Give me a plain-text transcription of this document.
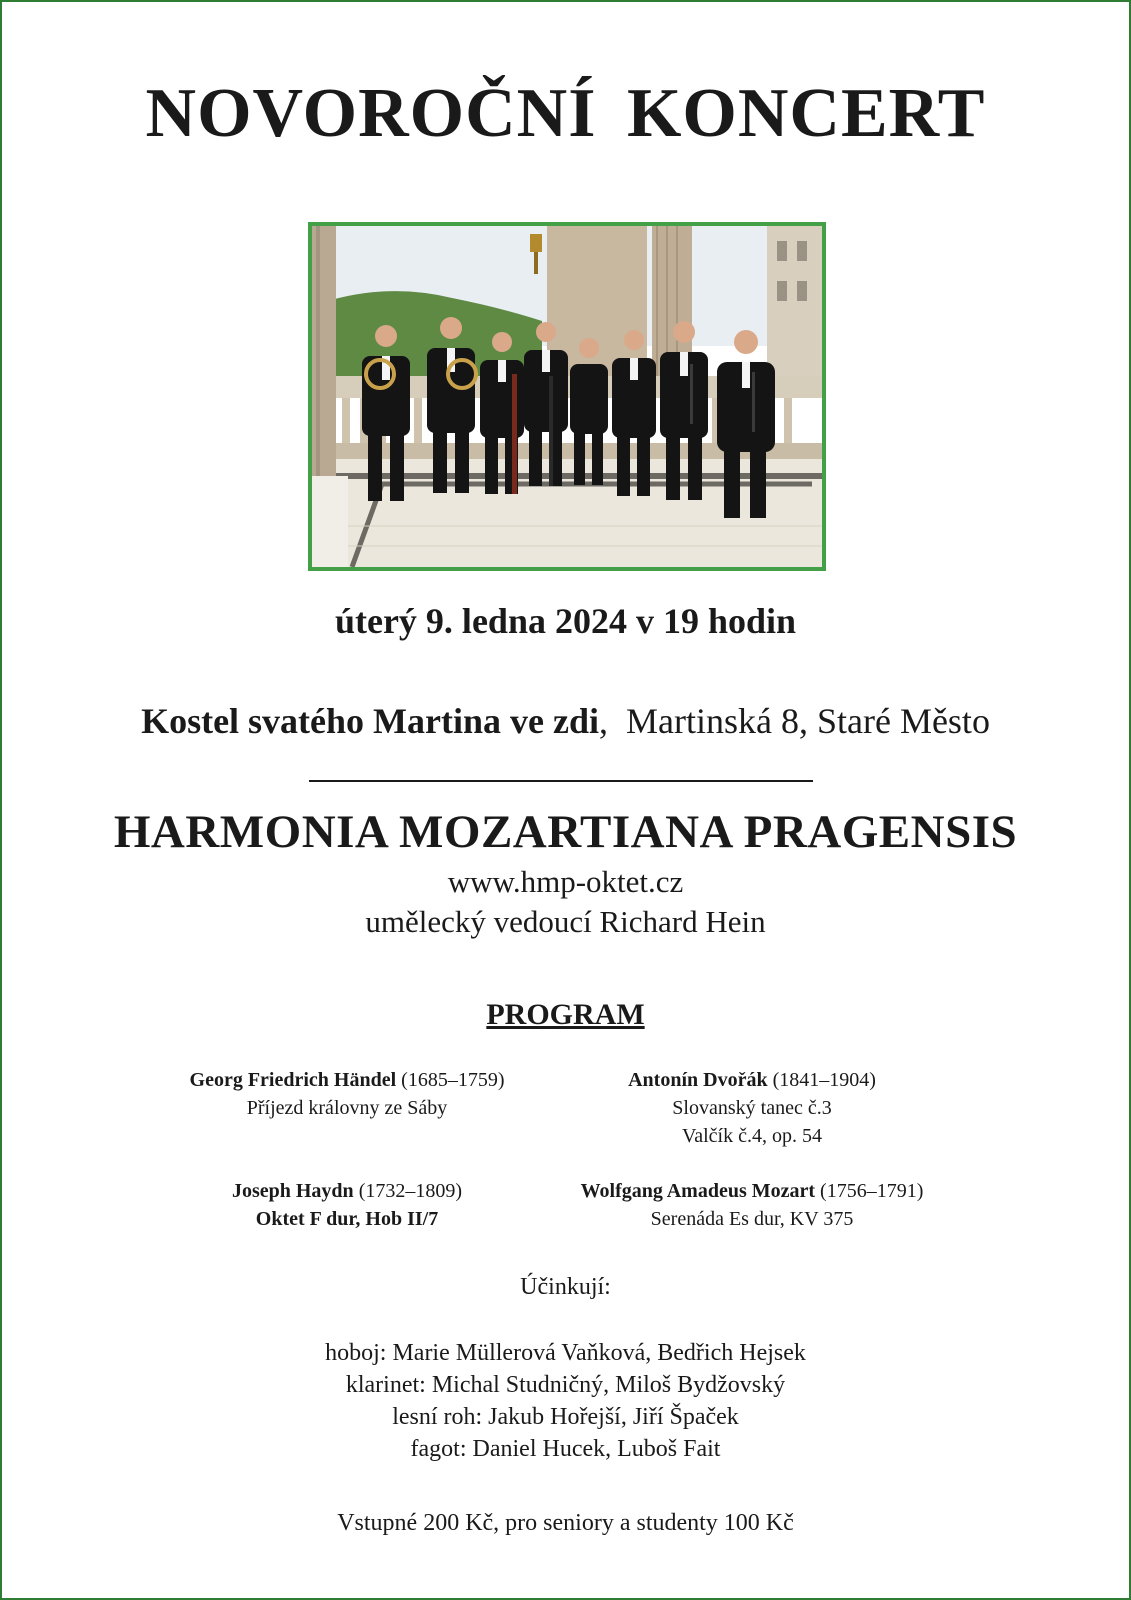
NOVOROČNÍ KONCERT
úterý 9. ledna 2024 v 19 hodin
Kostel svatého Martina ve zdi,  Martinská 8, Staré Město
HARMONIA MOZARTIANA PRAGENSIS
www.hmp-oktet.cz
umělecký vedoucí Richard Hein
PROGRAM
Georg Friedrich Händel (1685–1759)
Příjezd královny ze Sáby
Antonín Dvořák (1841–1904)
Slovanský tanec č.3
Valčík č.4, op. 54
Joseph Haydn (1732–1809)
Oktet F dur, Hob II/7
Wolfgang Amadeus Mozart (1756–1791)
Serenáda Es dur, KV 375
Účinkují:
hoboj: Marie Müllerová Vaňková, Bedřich Hejsek
klarinet: Michal Studničný, Miloš Bydžovský
lesní roh: Jakub Hořejší, Jiří Špaček
fagot: Daniel Hucek, Luboš Fait
Vstupné 200 Kč, pro seniory a studenty 100 Kč
